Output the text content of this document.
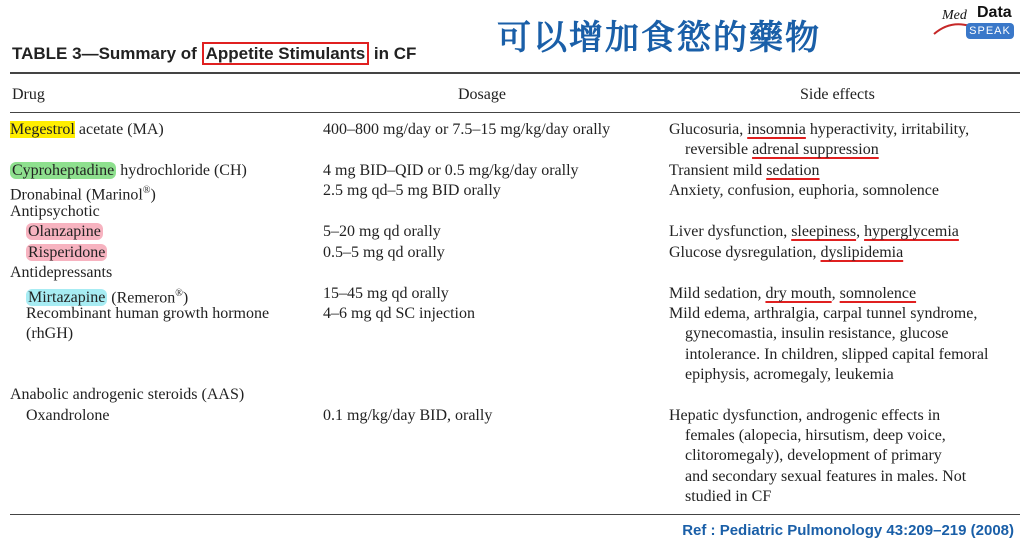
TABLE 3—Summary of Appetite Stimulants in CF 可以增加食慾的藥物
Med Data
SPEAK
Drug	Dosage	Side effects
Megestrol acetate (MA)	400–800 mg/day or 7.5–15 mg/kg/day orally	Glucosuria, insomnia hyperactivity, irritability,
reversible adrenal suppression
Cyproheptadine hydrochloride (CH)	4 mg BID–QID or 0.5 mg/kg/day orally	Transient mild sedation
Dronabinal (Marinol®)	2.5 mg qd–5 mg BID orally	Anxiety, confusion, euphoria, somnolence
Antipsychotic
Olanzapine	5–20 mg qd orally	Liver dysfunction, sleepiness, hyperglycemia
Risperidone	0.5–5 mg qd orally	Glucose dysregulation, dyslipidemia
Antidepressants
Mirtazapine (Remeron®)	15–45 mg qd orally	Mild sedation, dry mouth, somnolence
Recombinant human growth hormone
(rhGH)
4–6 mg qd SC injection	Mild edema, arthralgia, carpal tunnel syndrome,
gynecomastia, insulin resistance, glucose
intolerance. In children, slipped capital femoral
epiphysis, acromegaly, leukemia
Anabolic androgenic steroids (AAS)
Oxandrolone	0.1 mg/kg/day BID, orally	Hepatic dysfunction, androgenic effects in
females (alopecia, hirsutism, deep voice,
clitoromegaly), development of primary
and secondary sexual features in males. Not
studied in CF
Ref : Pediatric Pulmonology 43:209–219 (2008)
